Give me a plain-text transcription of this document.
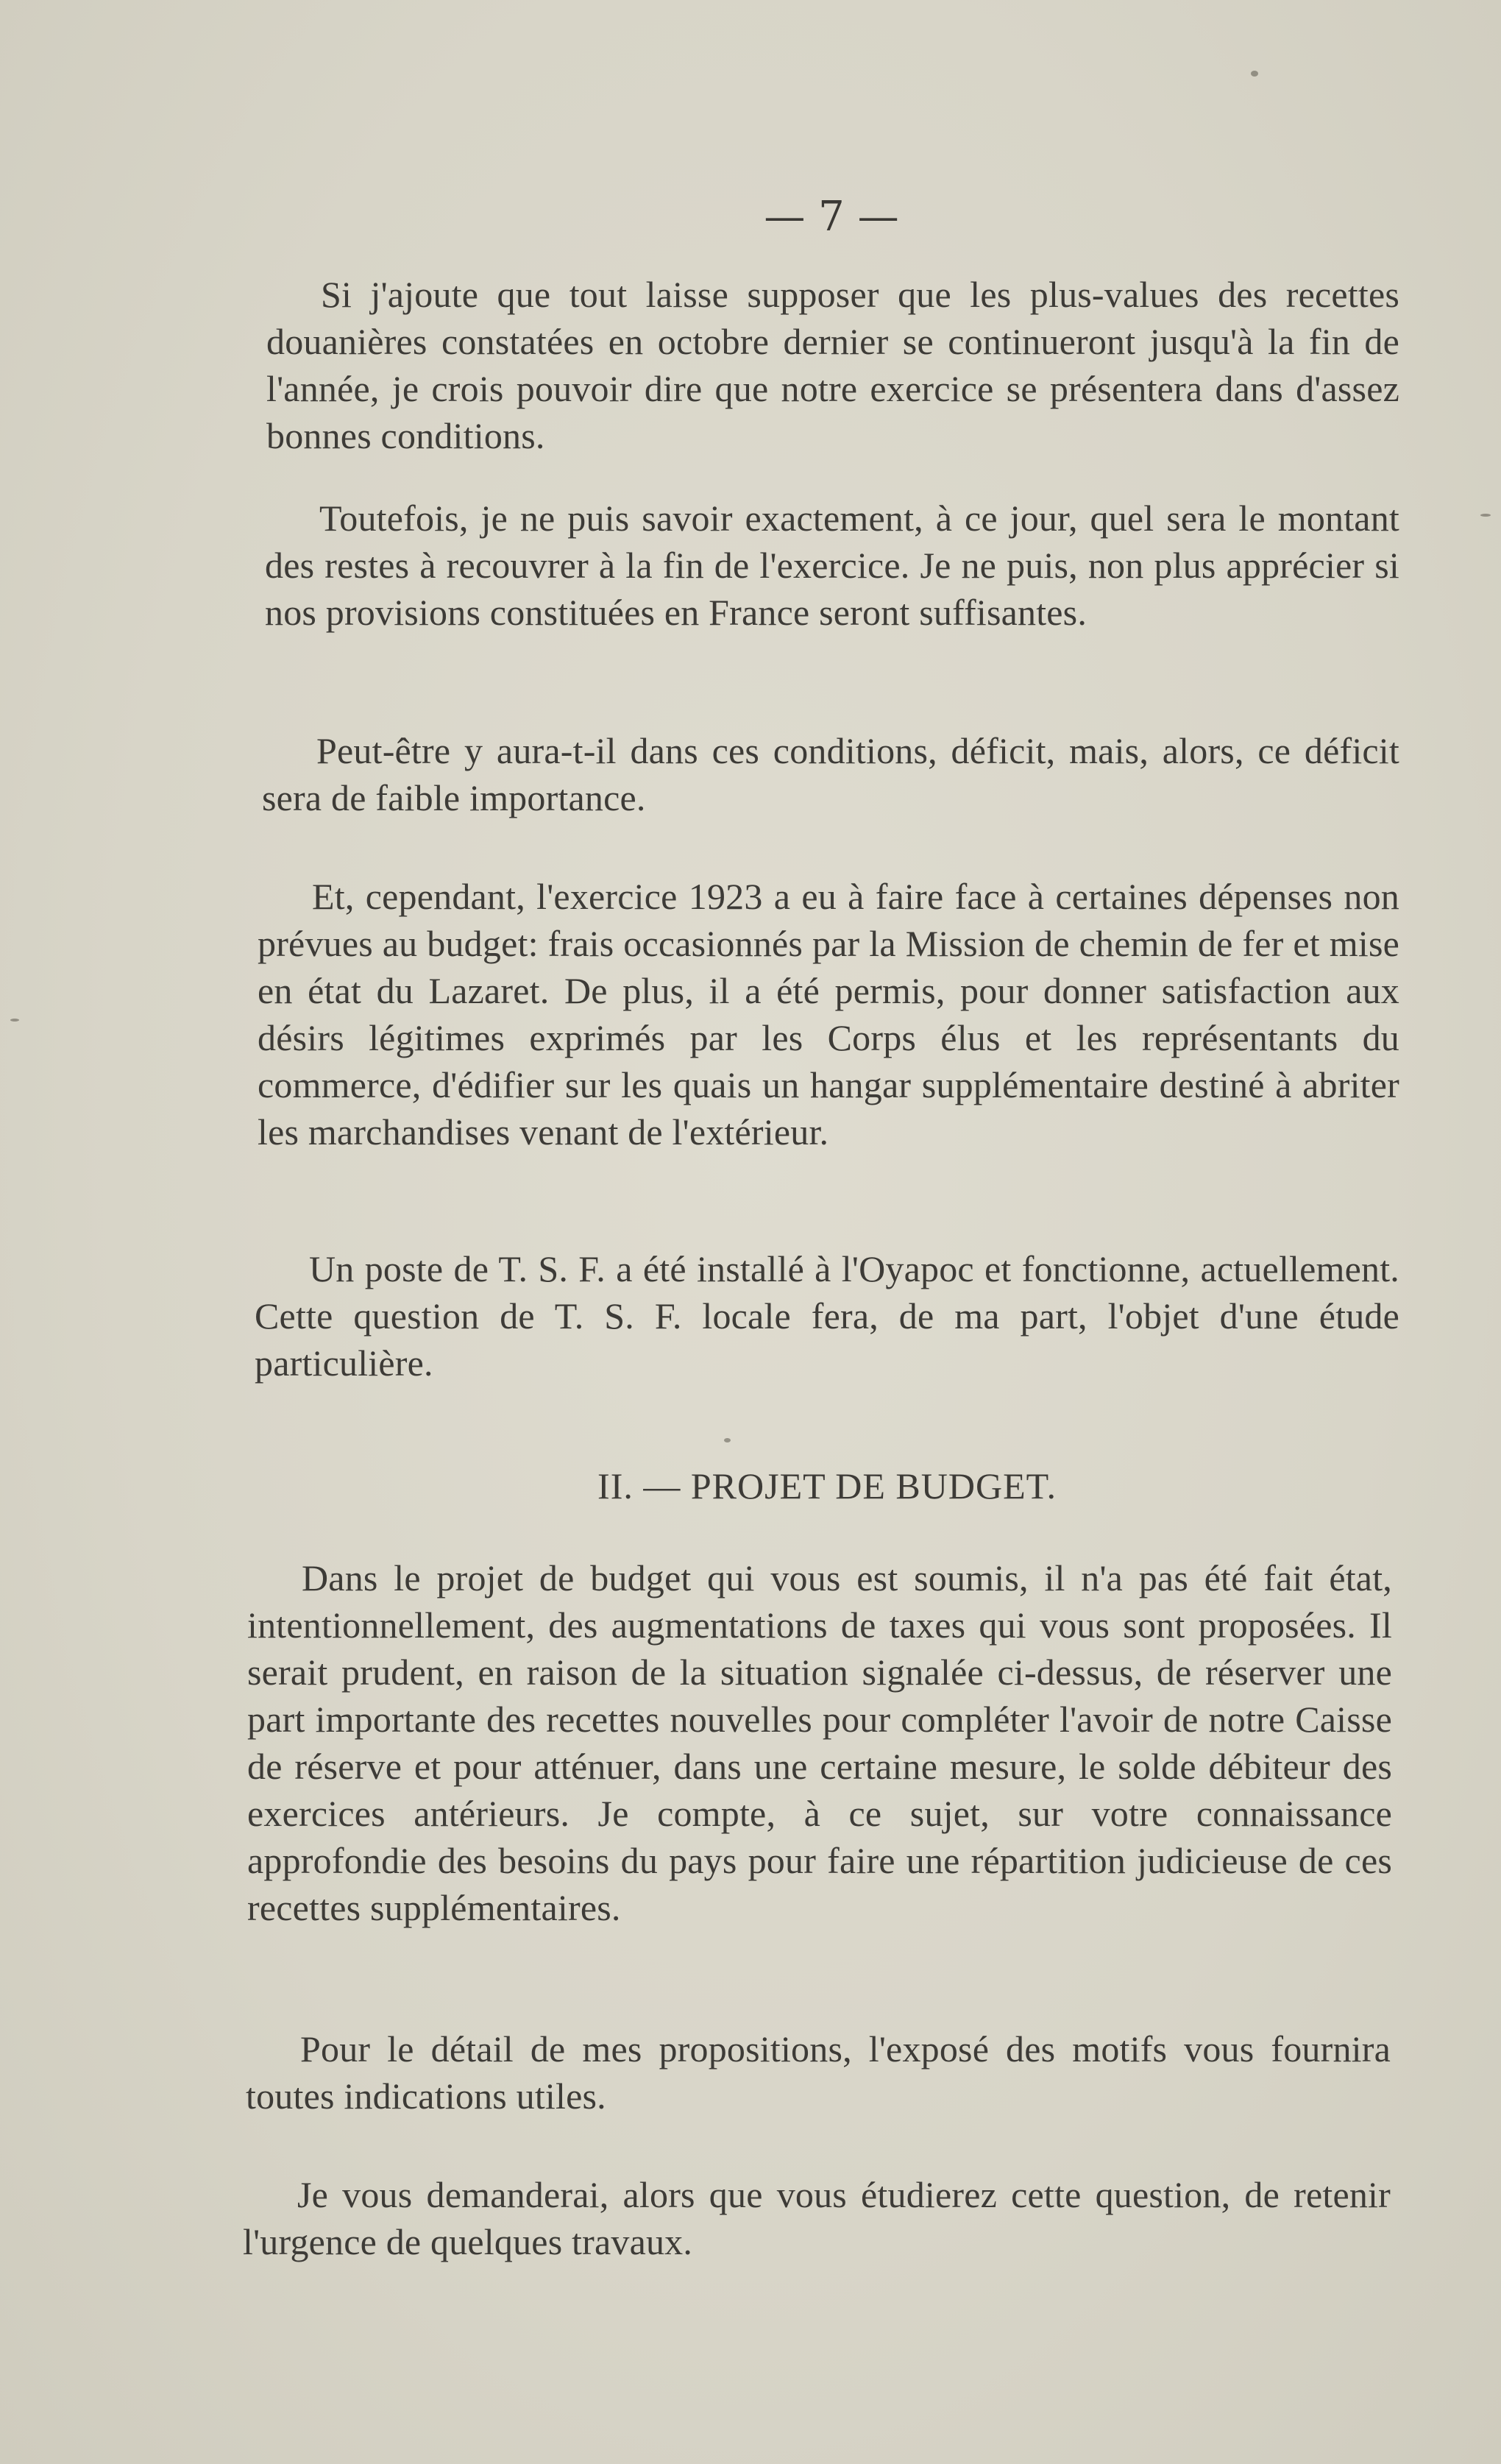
— 7 —

Si j'ajoute que tout laisse supposer que les plus-values des recettes douanières constatées en octobre dernier se continueront jusqu'à la fin de l'année, je crois pouvoir dire que notre exercice se présentera dans d'assez bonnes conditions.

Toutefois, je ne puis savoir exactement, à ce jour, quel sera le montant des restes à recouvrer à la fin de l'exercice. Je ne puis, non plus apprécier si nos provisions constituées en France seront suffisantes.

Peut-être y aura-t-il dans ces conditions, déficit, mais, alors, ce déficit sera de faible importance.

Et, cependant, l'exercice 1923 a eu à faire face à certaines dépenses non prévues au budget: frais occasionnés par la Mission de chemin de fer et mise en état du Lazaret. De plus, il a été permis, pour donner satisfaction aux désirs légitimes exprimés par les Corps élus et les représentants du commerce, d'édifier sur les quais un hangar supplémentaire destiné à abriter les marchandises venant de l'extérieur.

Un poste de T. S. F. a été installé à l'Oyapoc et fonctionne, actuellement. Cette question de T. S. F. locale fera, de ma part, l'objet d'une étude particulière.

II. — PROJET DE BUDGET.

Dans le projet de budget qui vous est soumis, il n'a pas été fait état, intentionnellement, des augmentations de taxes qui vous sont proposées. Il serait prudent, en raison de la situation signalée ci-dessus, de réserver une part importante des recettes nouvelles pour compléter l'avoir de notre Caisse de réserve et pour atténuer, dans une certaine mesure, le solde débiteur des exercices antérieurs. Je compte, à ce sujet, sur votre connaissance approfondie des besoins du pays pour faire une répartition judicieuse de ces recettes supplémentaires.

Pour le détail de mes propositions, l'exposé des motifs vous fournira toutes indications utiles.

Je vous demanderai, alors que vous étudierez cette question, de retenir l'urgence de quelques travaux.
